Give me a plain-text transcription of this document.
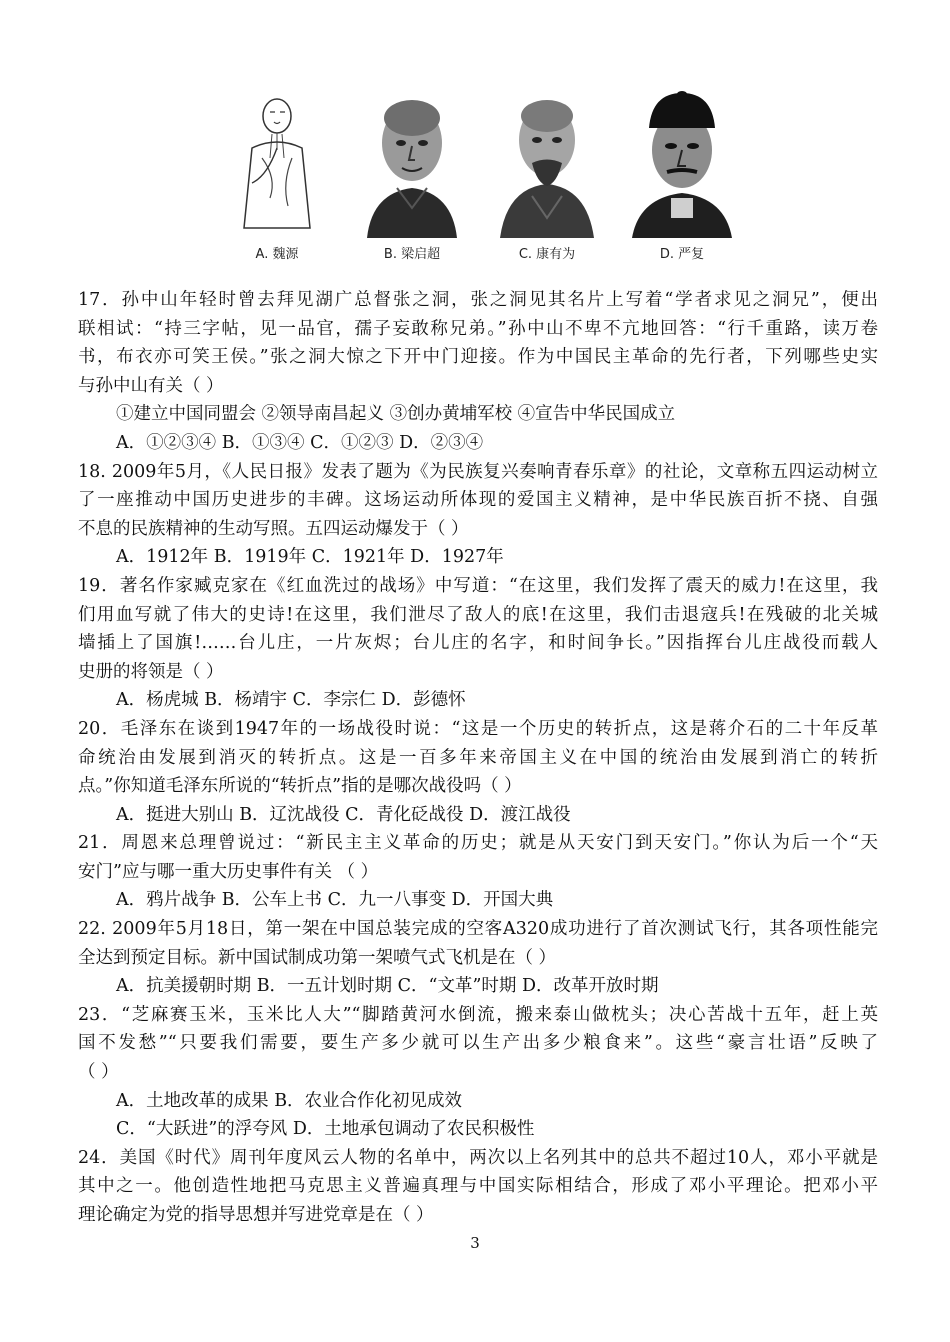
A. 魏源	B. 梁启超	C. 康有为	D. 严复
17．孙中山年轻时曾去拜见湖广总督张之洞，张之洞见其名片上写着“学者求见之洞兄”，便出
联相试：“持三字帖，见一品官，孺子妄敢称兄弟。”孙中山不卑不亢地回答：“行千重路，读万卷
书，布衣亦可笑王侯。”张之洞大惊之下开中门迎接。作为中国民主革命的先行者，下列哪些史实
与孙中山有关（ ）
①建立中国同盟会 ②领导南昌起义 ③创办黄埔军校 ④宣告中华民国成立
A．①②③④ B．①③④ C．①②③ D．②③④
18. 2009年5月，《人民日报》发表了题为《为民族复兴奏响青春乐章》的社论，文章称五四运动树立
了一座推动中国历史进步的丰碑。这场运动所体现的爱国主义精神，是中华民族百折不挠、自强
不息的民族精神的生动写照。五四运动爆发于（ ）
A．1912年 B．1919年 C．1921年 D．1927年
19．著名作家臧克家在《红血洗过的战场》中写道：“在这里，我们发挥了震天的威力!在这里，我
们用血写就了伟大的史诗!在这里，我们泄尽了敌人的底!在这里，我们击退寇兵!在残破的北关城
墙插上了国旗!……台儿庄，一片灰烬；台儿庄的名字，和时间争长。”因指挥台儿庄战役而载人
史册的将领是（ ）
A．杨虎城 B．杨靖宇 C．李宗仁 D．彭德怀
20．毛泽东在谈到1947年的一场战役时说：“这是一个历史的转折点，这是蒋介石的二十年反革
命统治由发展到消灭的转折点。这是一百多年来帝国主义在中国的统治由发展到消亡的转折
点。”你知道毛泽东所说的“转折点”指的是哪次战役吗（ ）
A．挺进大别山 B．辽沈战役 C．青化砭战役 D．渡江战役
21．周恩来总理曾说过：“新民主主义革命的历史；就是从天安门到天安门。”你认为后一个“天
安门”应与哪一重大历史事件有关 （ ）
A．鸦片战争 B．公车上书 C．九一八事变 D．开国大典
22. 2009年5月18日，第一架在中国总装完成的空客A320成功进行了首次测试飞行，其各项性能完
全达到预定目标。新中国试制成功第一架喷气式飞机是在（ ）
A．抗美援朝时期 B．一五计划时期 C．“文革”时期 D．改革开放时期
23．“芝麻赛玉米，玉米比人大”“脚踏黄河水倒流，搬来泰山做枕头；决心苦战十五年，赶上英
国不发愁”“只要我们需要，要生产多少就可以生产出多少粮食来”。这些“豪言壮语”反映了
（ ）
A．土地改革的成果 B．农业合作化初见成效
C．“大跃进”的浮夸风 D．土地承包调动了农民积极性
24．美国《时代》周刊年度风云人物的名单中，两次以上名列其中的总共不超过10人，邓小平就是
其中之一。他创造性地把马克思主义普遍真理与中国实际相结合，形成了邓小平理论。把邓小平
理论确定为党的指导思想并写进党章是在（ ）
3
